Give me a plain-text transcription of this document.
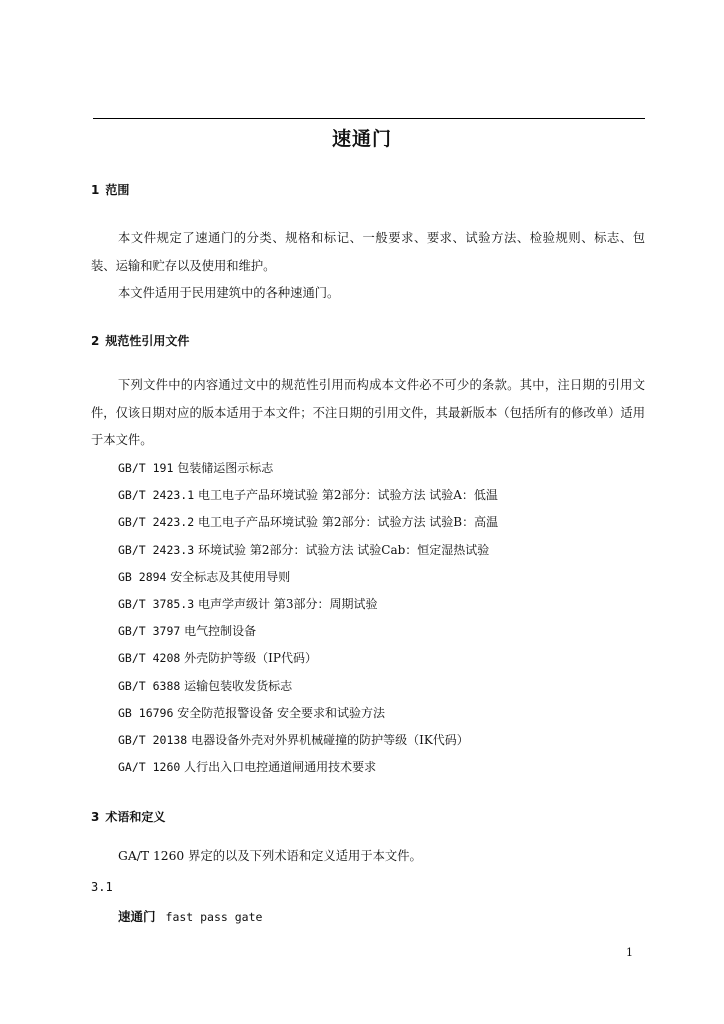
速通门
1 范围

本文件规定了速通门的分类、规格和标记、一般要求、要求、试验方法、检验规则、标志、包装、运输和贮存以及使用和维护。

本文件适用于民用建筑中的各种速通门。

2 规范性引用文件

下列文件中的内容通过文中的规范性引用而构成本文件必不可少的条款。其中，注日期的引用文件，仅该日期对应的版本适用于本文件；不注日期的引用文件，其最新版本（包括所有的修改单）适用于本文件。

GB/T 191 包装储运图示标志
GB/T 2423.1 电工电子产品环境试验 第2部分：试验方法 试验A：低温
GB/T 2423.2 电工电子产品环境试验 第2部分：试验方法 试验B：高温
GB/T 2423.3 环境试验 第2部分：试验方法 试验Cab：恒定湿热试验
GB 2894 安全标志及其使用导则
GB/T 3785.3 电声学声级计 第3部分：周期试验
GB/T 3797 电气控制设备
GB/T 4208 外壳防护等级（IP代码）
GB/T 6388 运输包装收发货标志
GB 16796 安全防范报警设备 安全要求和试验方法
GB/T 20138 电器设备外壳对外界机械碰撞的防护等级（IK代码）
GA/T 1260 人行出入口电控通道闸通用技术要求
3 术语和定义

GA/T 1260 界定的以及下列术语和定义适用于本文件。

3.1
速通门 fast pass gate
1
